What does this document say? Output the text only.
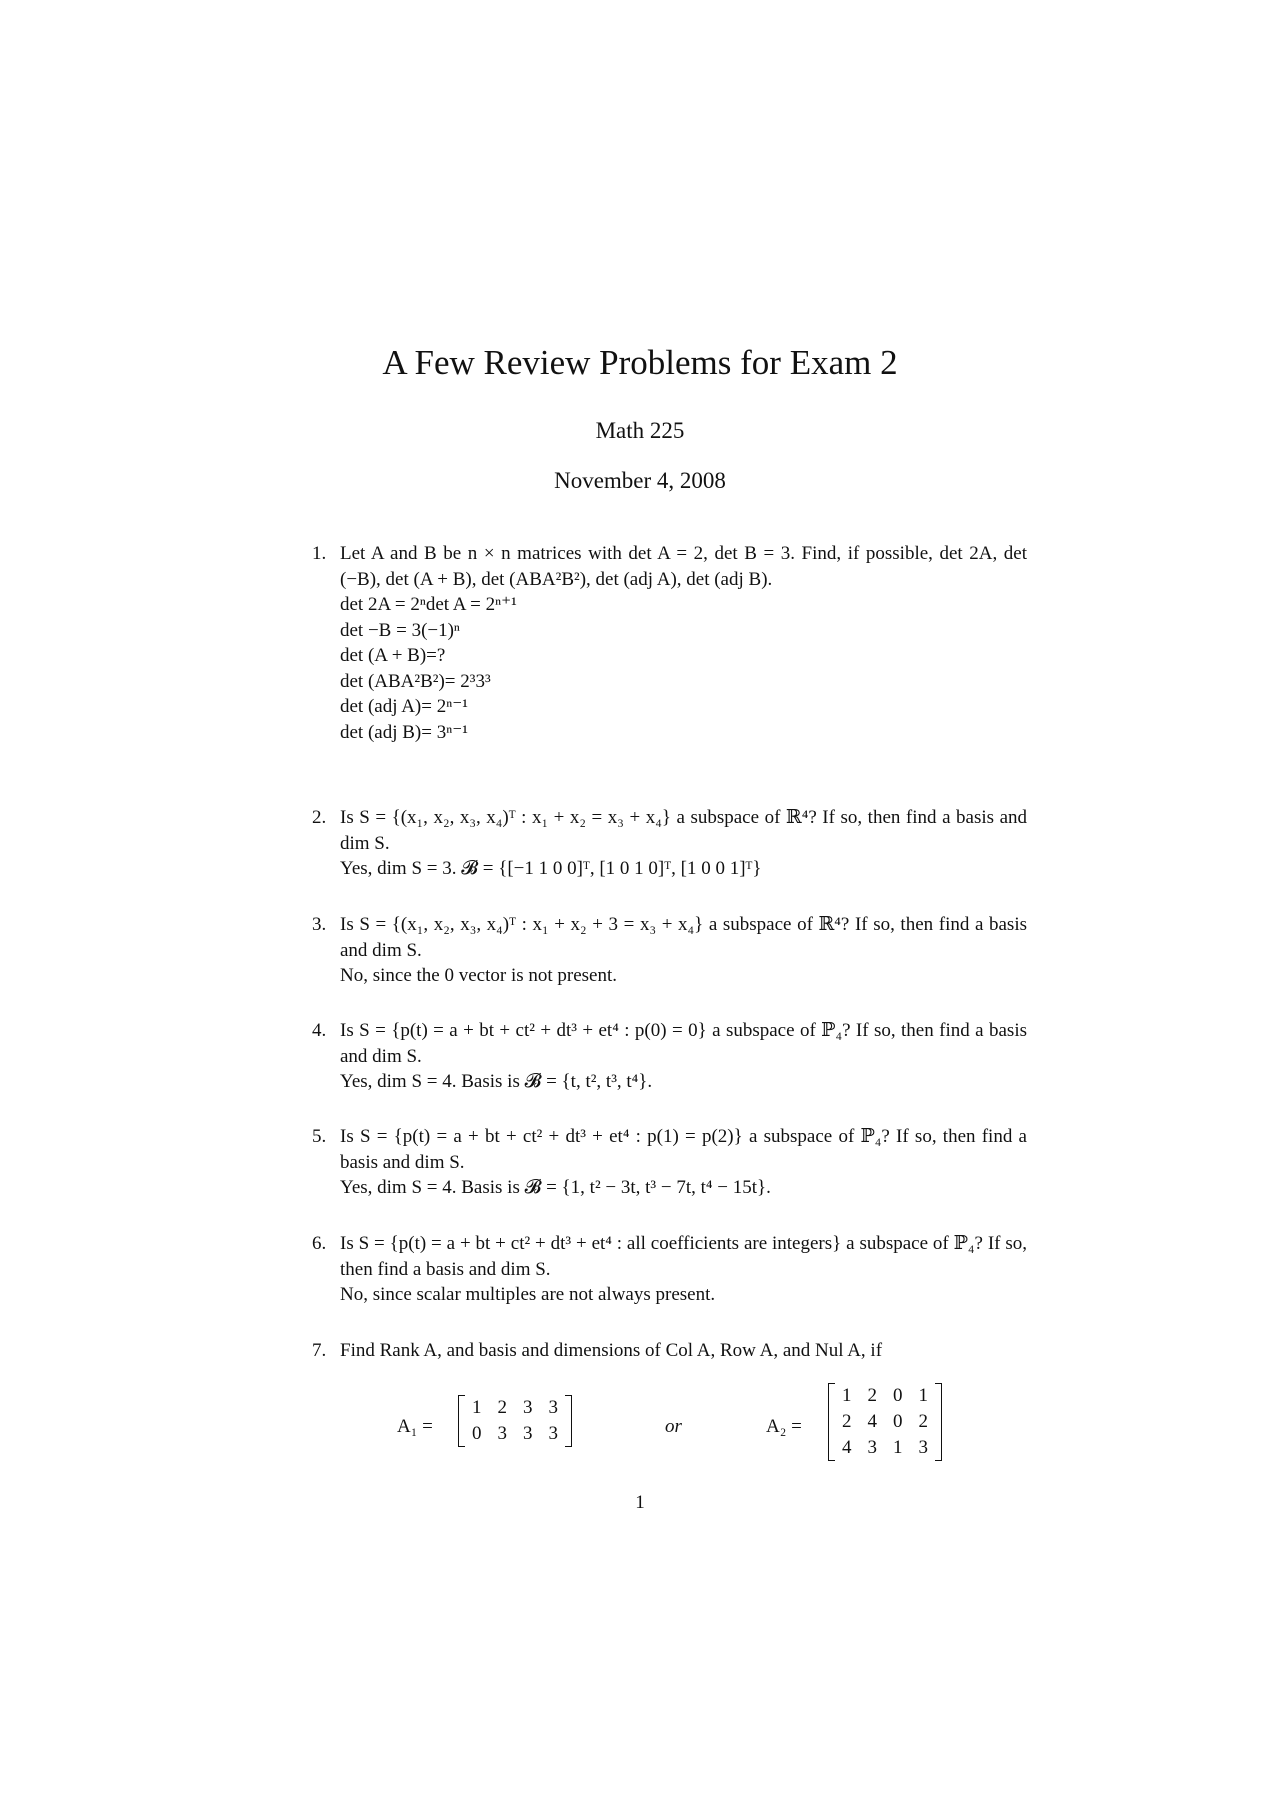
A Few Review Problems for Exam 2
Math 225
November 4, 2008
1. Let A and B be n × n matrices with det A = 2, det B = 3. Find, if possible, det 2A, det (−B), det (A + B), det (ABA²B²), det (adj A), det (adj B).
det 2A = 2ⁿdet A = 2ⁿ⁺¹
det −B = 3(−1)ⁿ
det (A + B)=?
det (ABA²B²)= 2³3³
det (adj A)= 2ⁿ⁻¹
det (adj B)= 3ⁿ⁻¹
2. Is S = {(x₁, x₂, x₃, x₄)ᵀ : x₁ + x₂ = x₃ + x₄} a subspace of ℝ⁴? If so, then find a basis and dim S.
Yes, dim S = 3. 𝓑 = {[−1 1 0 0]ᵀ, [1 0 1 0]ᵀ, [1 0 0 1]ᵀ}
3. Is S = {(x₁, x₂, x₃, x₄)ᵀ : x₁ + x₂ + 3 = x₃ + x₄} a subspace of ℝ⁴? If so, then find a basis and dim S.
No, since the 0 vector is not present.
4. Is S = {p(t) = a + bt + ct² + dt³ + et⁴ : p(0) = 0} a subspace of ℙ₄? If so, then find a basis and dim S.
Yes, dim S = 4. Basis is 𝓑 = {t, t², t³, t⁴}.
5. Is S = {p(t) = a + bt + ct² + dt³ + et⁴ : p(1) = p(2)} a subspace of ℙ₄? If so, then find a basis and dim S.
Yes, dim S = 4. Basis is 𝓑 = {1, t² − 3t, t³ − 7t, t⁴ − 15t}.
6. Is S = {p(t) = a + bt + ct² + dt³ + et⁴ : all coefficients are integers} a subspace of ℙ₄? If so, then find a basis and dim S.
No, since scalar multiples are not always present.
7. Find Rank A, and basis and dimensions of Col A, Row A, and Nul A, if
A₁ =
1	2	3	3
0	3	3	3	or	A₂ =
1	2	0	1
2	4	0	2
4	3	1	3
1
